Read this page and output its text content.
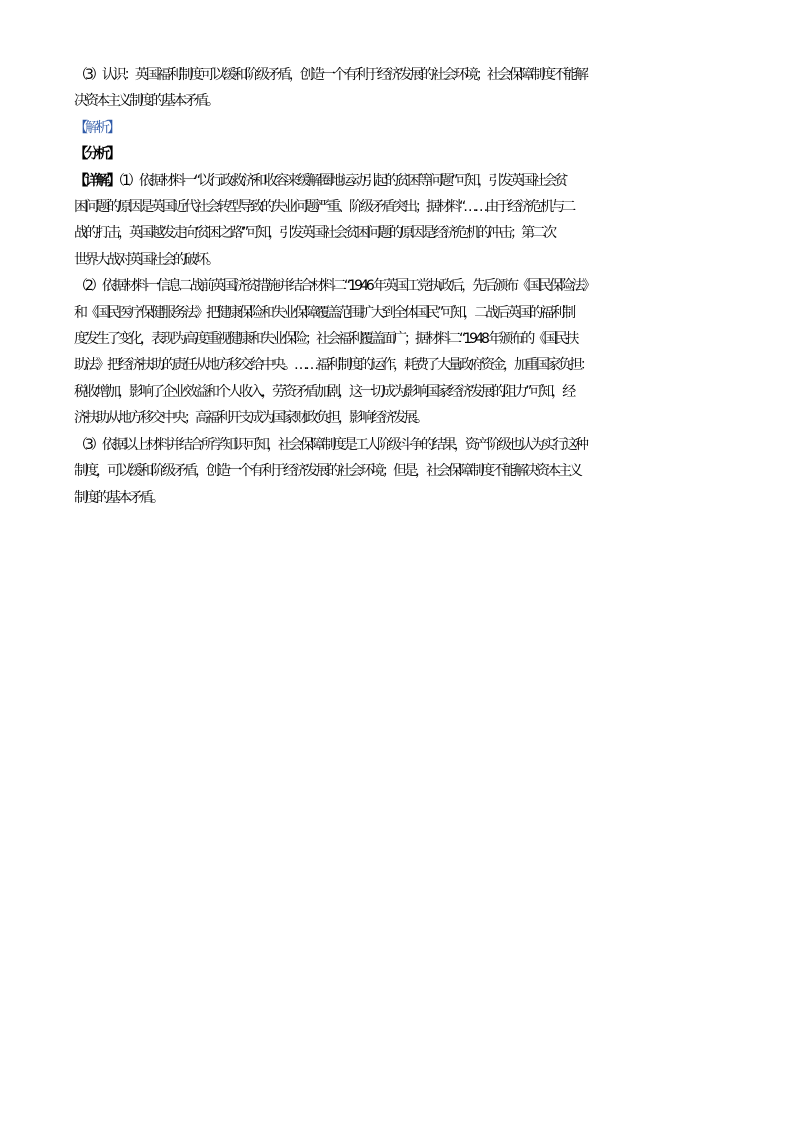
（3）认识：英国福利制度可以缓和阶级矛盾，创造一个有利于经济发展的社会环境；社会保障制度不能解
决资本主义制度的基本矛盾。

【解析】

【分析】

【详解】（1）依据材料一“以行政救济和收容来缓解圈地运动引起的贫困等问题”可知，引发英国社会贫
困问题的原因是英国近代社会转型导致的失业问题严重、阶级矛盾突出；据材料“……由于经济危机与二
战的打击，英国越发走向‘贫困之路’”可知，引发英国社会贫困问题的原因是经济危机的冲击；第二次
世界大战对英国社会的破坏。

（2）依据材料一信息二战前英国济贫措施并结合材料二“1946 年英国工党执政后，先后颁布《国民保险法》
和《国民医疗保健服务法》把健康保险和失业保障覆盖范围扩大到全体国民”可知，二战后英国的福利制
度发生了变化，表现为高度重视健康和失业保险；社会福利覆盖面广；据材料二“1948 年颁布的《国民扶
助法》把经济扶助的责任从地方移交给中央。……福利制度的运作，耗费了大量政府资金，加重国家负担：
税收增加，影响了企业效益和个人收入，劳资矛盾加剧，这一切成为影响国家经济发展的阻力”可知，经
济扶助从地方移交中央；高福利开支成为国家财政负担，影响经济发展。

（3）依据以上材料并结合所学知识可知，社会保障制度是工人阶级斗争的结果，资产阶级也认为实行这种
制度，可以缓和阶级矛盾，创造一个有利于经济发展的社会环境；但是，社会保障制度不能解决资本主义
制度的基本矛盾。
